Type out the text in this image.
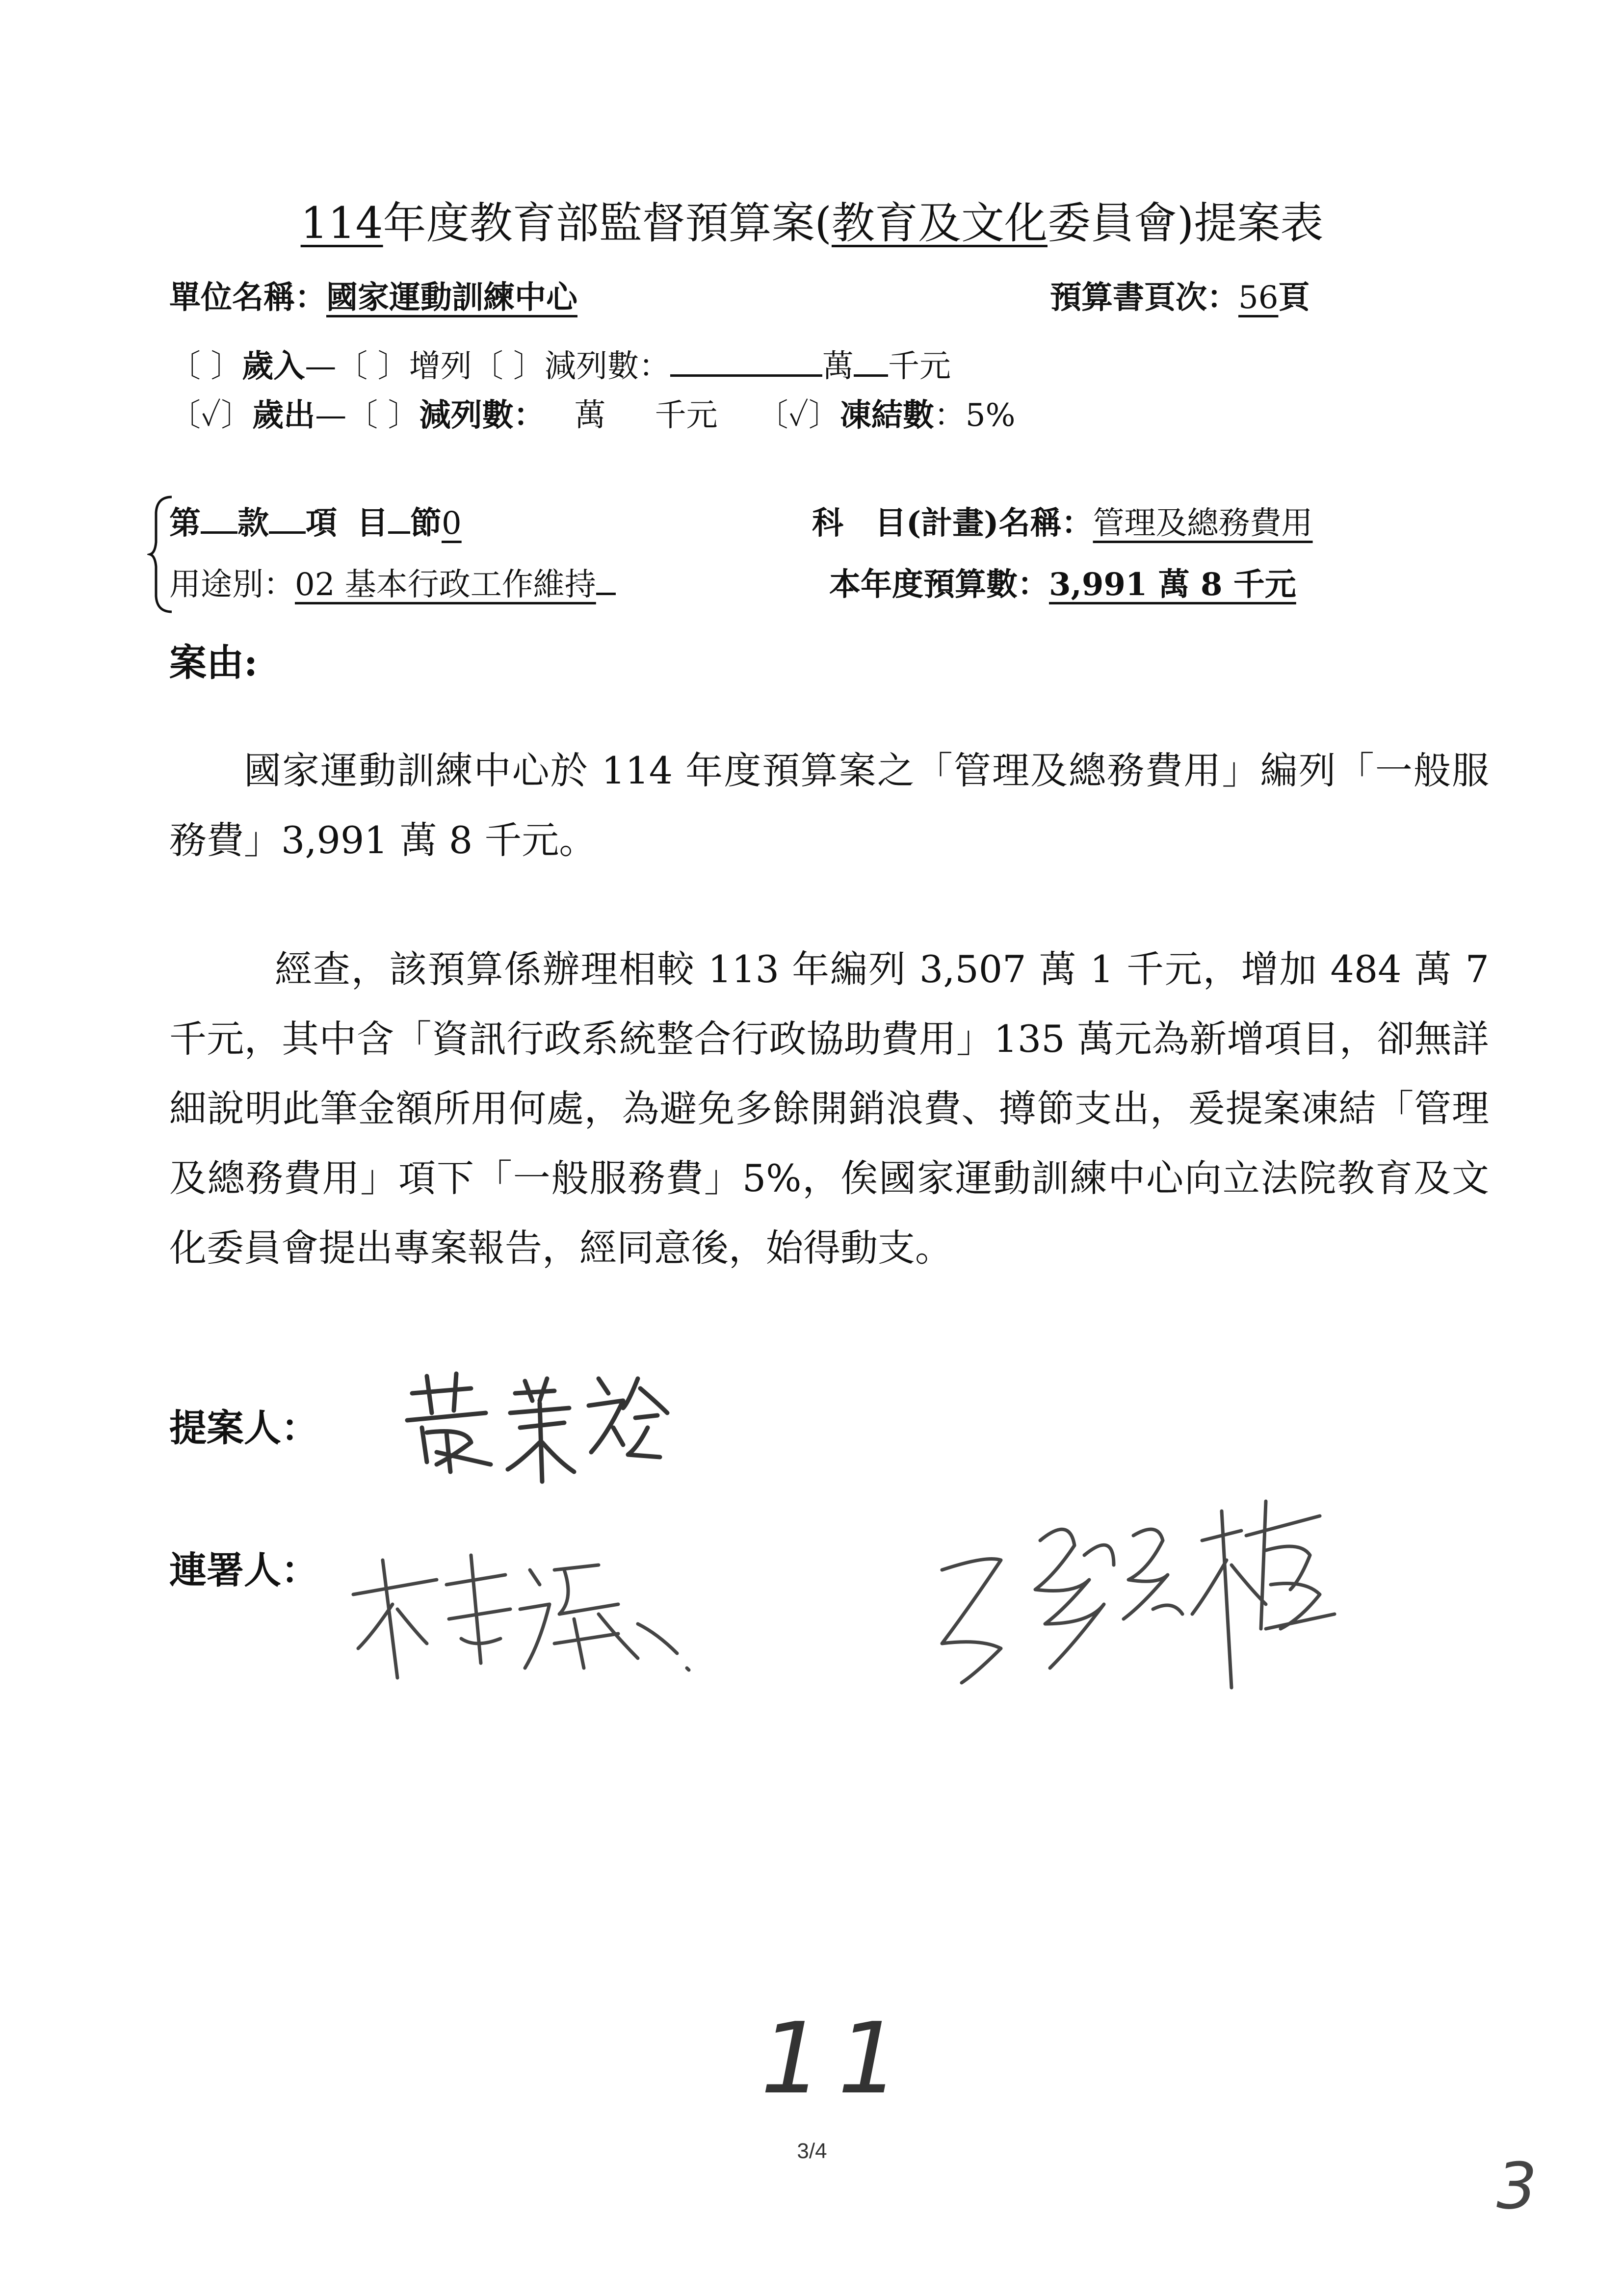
114年度教育部監督預算案(教育及文化委員會)提案表
單位名稱：國家運動訓練中心	預算書頁次：56頁
〔 〕歲入—〔 〕增列〔 〕減列數：	萬 千元
〔✓〕歲出—〔 〕減列數： 萬 千元 〔✓〕凍結數：5%
第 款 項 目 節0	科　目(計畫)名稱：管理及總務費用
用途別：02 基本行政工作維持	本年度預算數：3,991 萬 8 千元
案由:
國家運動訓練中心於 114 年度預算案之「管理及總務費用」編列「一般服務費」3,991 萬 8 千元。
經查，該預算係辦理相較 113 年編列 3,507 萬 1 千元，增加 484 萬 7 千元，其中含「資訊行政系統整合行政協助費用」135 萬元為新增項目，卻無詳細說明此筆金額所用何處，為避免多餘開銷浪費、撙節支出，爰提案凍結「管理及總務費用」項下「一般服務費」5%，俟國家運動訓練中心向立法院教育及文化委員會提出專案報告，經同意後，始得動支。
提案人：
連署人：
11
3/4	3
